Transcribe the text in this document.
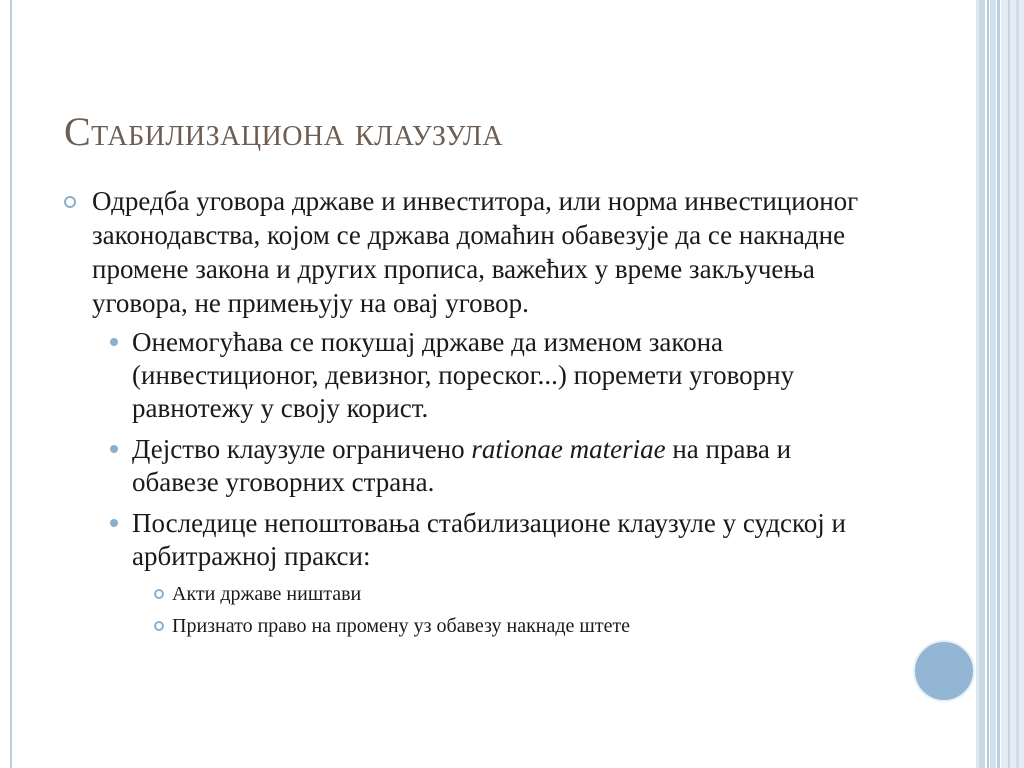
Стабилизациона клаузула
Одредба уговора државе и инвеститора, или норма инвестиционог законодавства, којом се држава домаћин обавезује да се накнадне промене закона и других прописа, важећих у време закључења уговора, не примењују на овај уговор.
Онемогућава се покушај државе да изменом закона (инвестиционог, девизног, пореског...) поремети уговорну равнотежу у своју корист.
Дејство клаузуле ограничено rationae materiae на права и обавезе уговорних страна.
Последице непоштовања стабилизационе клаузуле у судској и арбитражној пракси:
Акти државе ништави
Признато право на промену уз обавезу накнаде штете
